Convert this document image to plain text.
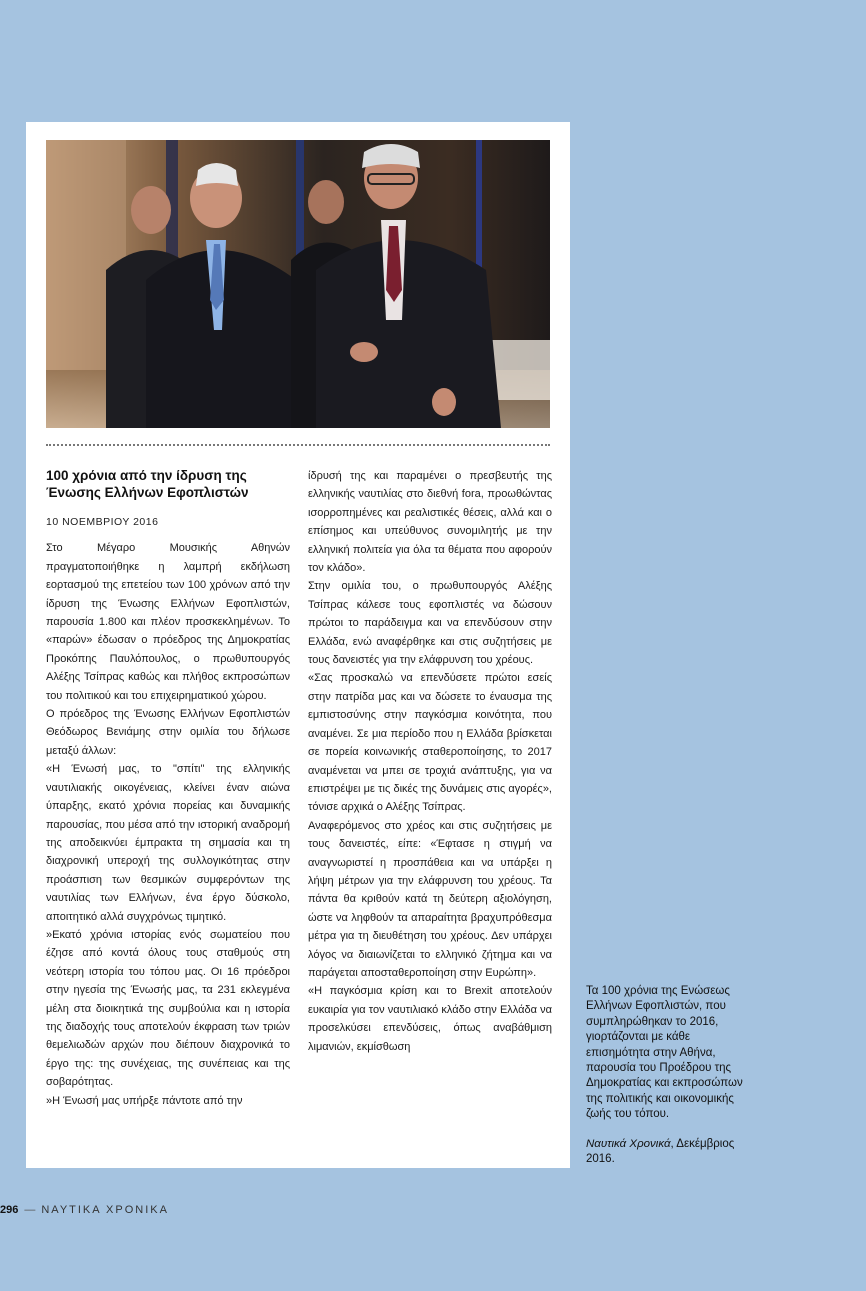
100 χρόνια από την ίδρυση της Ένωσης Ελλήνων Εφοπλιστών
10 ΝΟΕΜΒΡΙΟΥ 2016

Στο Μέγαρο Μουσικής Αθηνών πραγματοποιήθηκε η λαμπρή εκδήλωση εορτασμού της επετείου των 100 χρόνων από την ίδρυση της Ένωσης Ελλήνων Εφοπλιστών, παρουσία 1.800 και πλέον προσκεκλημένων. Το «παρών» έδωσαν ο πρόεδρος της Δημοκρατίας Προκόπης Παυλόπουλος, ο πρωθυπουργός Αλέξης Τσίπρας καθώς και πλήθος εκπροσώπων του πολιτικού και του επιχειρηματικού χώρου.

Ο πρόεδρος της Ένωσης Ελλήνων Εφοπλιστών Θεόδωρος Βενιάμης στην ομιλία του δήλωσε μεταξύ άλλων:

«Η Ένωσή μας, το "σπίτι" της ελληνικής ναυτιλιακής οικογένειας, κλείνει έναν αιώνα ύπαρξης, εκατό χρόνια πορείας και δυναμικής παρουσίας, που μέσα από την ιστορική αναδρομή της αποδεικνύει έμπρακτα τη σημασία και τη διαχρονική υπεροχή της συλλογικότητας στην προάσπιση των θεσμικών συμφερόντων της ναυτιλίας των Ελλήνων, ένα έργο δύσκολο, αποιτητικό αλλά συγχρόνως τιμητικό.

»Εκατό χρόνια ιστορίας ενός σωματείου που έζησε από κοντά όλους τους σταθμούς στη νεότερη ιστορία του τόπου μας. Οι 16 πρόεδροι στην ηγεσία της Ένωσής μας, τα 231 εκλεγμένα μέλη στα διοικητικά της συμβούλια και η ιστορία της διαδοχής τους αποτελούν έκφραση των τριών θεμελιωδών αρχών που διέπουν διαχρονικά το έργο της: της συνέχειας, της συνέπειας και της σοβαρότητας.

»Η Ένωσή μας υπήρξε πάντοτε από την

ίδρυσή της και παραμένει ο πρεσβευτής της ελληνικής ναυτιλίας στο διεθνή fora, προωθώντας ισορροπημένες και ρεαλιστικές θέσεις, αλλά και ο επίσημος και υπεύθυνος συνομιλητής με την ελληνική πολιτεία για όλα τα θέματα που αφορούν τον κλάδο».

Στην ομιλία του, ο πρωθυπουργός Αλέξης Τσίπρας κάλεσε τους εφοπλιστές να δώσουν πρώτοι το παράδειγμα και να επενδύσουν στην Ελλάδα, ενώ αναφέρθηκε και στις συζητήσεις με τους δανειστές για την ελάφρυνση του χρέους.

«Σας προσκαλώ να επενδύσετε πρώτοι εσείς στην πατρίδα μας και να δώσετε το έναυσμα της εμπιστοσύνης στην παγκόσμια κοινότητα, που αναμένει. Σε μια περίοδο που η Ελλάδα βρίσκεται σε πορεία κοινωνικής σταθεροποίησης, το 2017 αναμένεται να μπει σε τροχιά ανάπτυξης, για να επιστρέψει με τις δικές της δυνάμεις στις αγορές», τόνισε αρχικά ο Αλέξης Τσίπρας.

Αναφερόμενος στο χρέος και στις συζητήσεις με τους δανειστές, είπε: «Έφτασε η στιγμή να αναγνωριστεί η προσπάθεια και να υπάρξει η λήψη μέτρων για την ελάφρυνση του χρέους. Τα πάντα θα κριθούν κατά τη δεύτερη αξιολόγηση, ώστε να ληφθούν τα απαραίτητα βραχυπρόθεσμα μέτρα για τη διευθέτηση του χρέους. Δεν υπάρχει λόγος να διαιωνίζεται το ελληνικό ζήτημα και να παράγεται αποσταθεροποίηση στην Ευρώπη».

«Η παγκόσμια κρίση και το Brexit αποτελούν ευκαιρία για τον ναυτιλιακό κλάδο στην Ελλάδα να προσελκύσει επενδύσεις, όπως αναβάθμιση λιμανιών, εκμίσθωση

Τα 100 χρόνια της Ενώσεως Ελλήνων Εφοπλιστών, που συμπληρώθηκαν το 2016, γιορτάζονται με κάθε επισημότητα στην Αθήνα, παρουσία του Προέδρου της Δημοκρατίας και εκπροσώπων της πολιτικής και οικονομικής ζωής του τόπου.
Ναυτικά Χρονικά, Δεκέμβριος 2016.
296 — ΝΑΥΤΙΚΑ ΧΡΟΝΙΚΑ
